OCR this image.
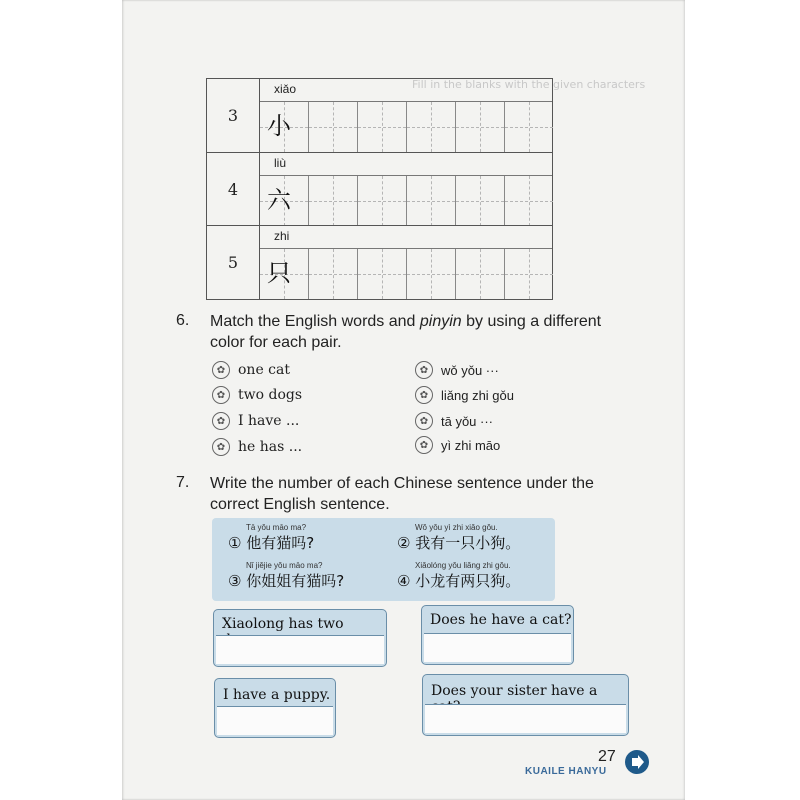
3
xiǎo
小
4
liù
六
5
zhi
只
Fill in the blanks with the given characters
6. Match the English words and pinyin by using a different
color for each pair.
✿ one cat
✿ two dogs
✿ I have ...
✿ he has ...
✿ wǒ yǒu ···
✿ liǎng zhi gǒu
✿ tā yǒu ···
✿ yì zhi māo
7. Write the number of each Chinese sentence under the
correct English sentence.
Tā yǒu māo ma?
① 他有猫吗?
Wǒ yǒu yì zhi xiǎo gǒu.
② 我有一只小狗。
Nǐ jiějie yǒu māo ma?
③ 你姐姐有猫吗?
Xiǎolóng yǒu liǎng zhi gǒu.
④ 小龙有两只狗。
Xiaolong has two	Does he have a cat?
I have a puppy.	Does your sister have a
27
KUAILE HANYU
